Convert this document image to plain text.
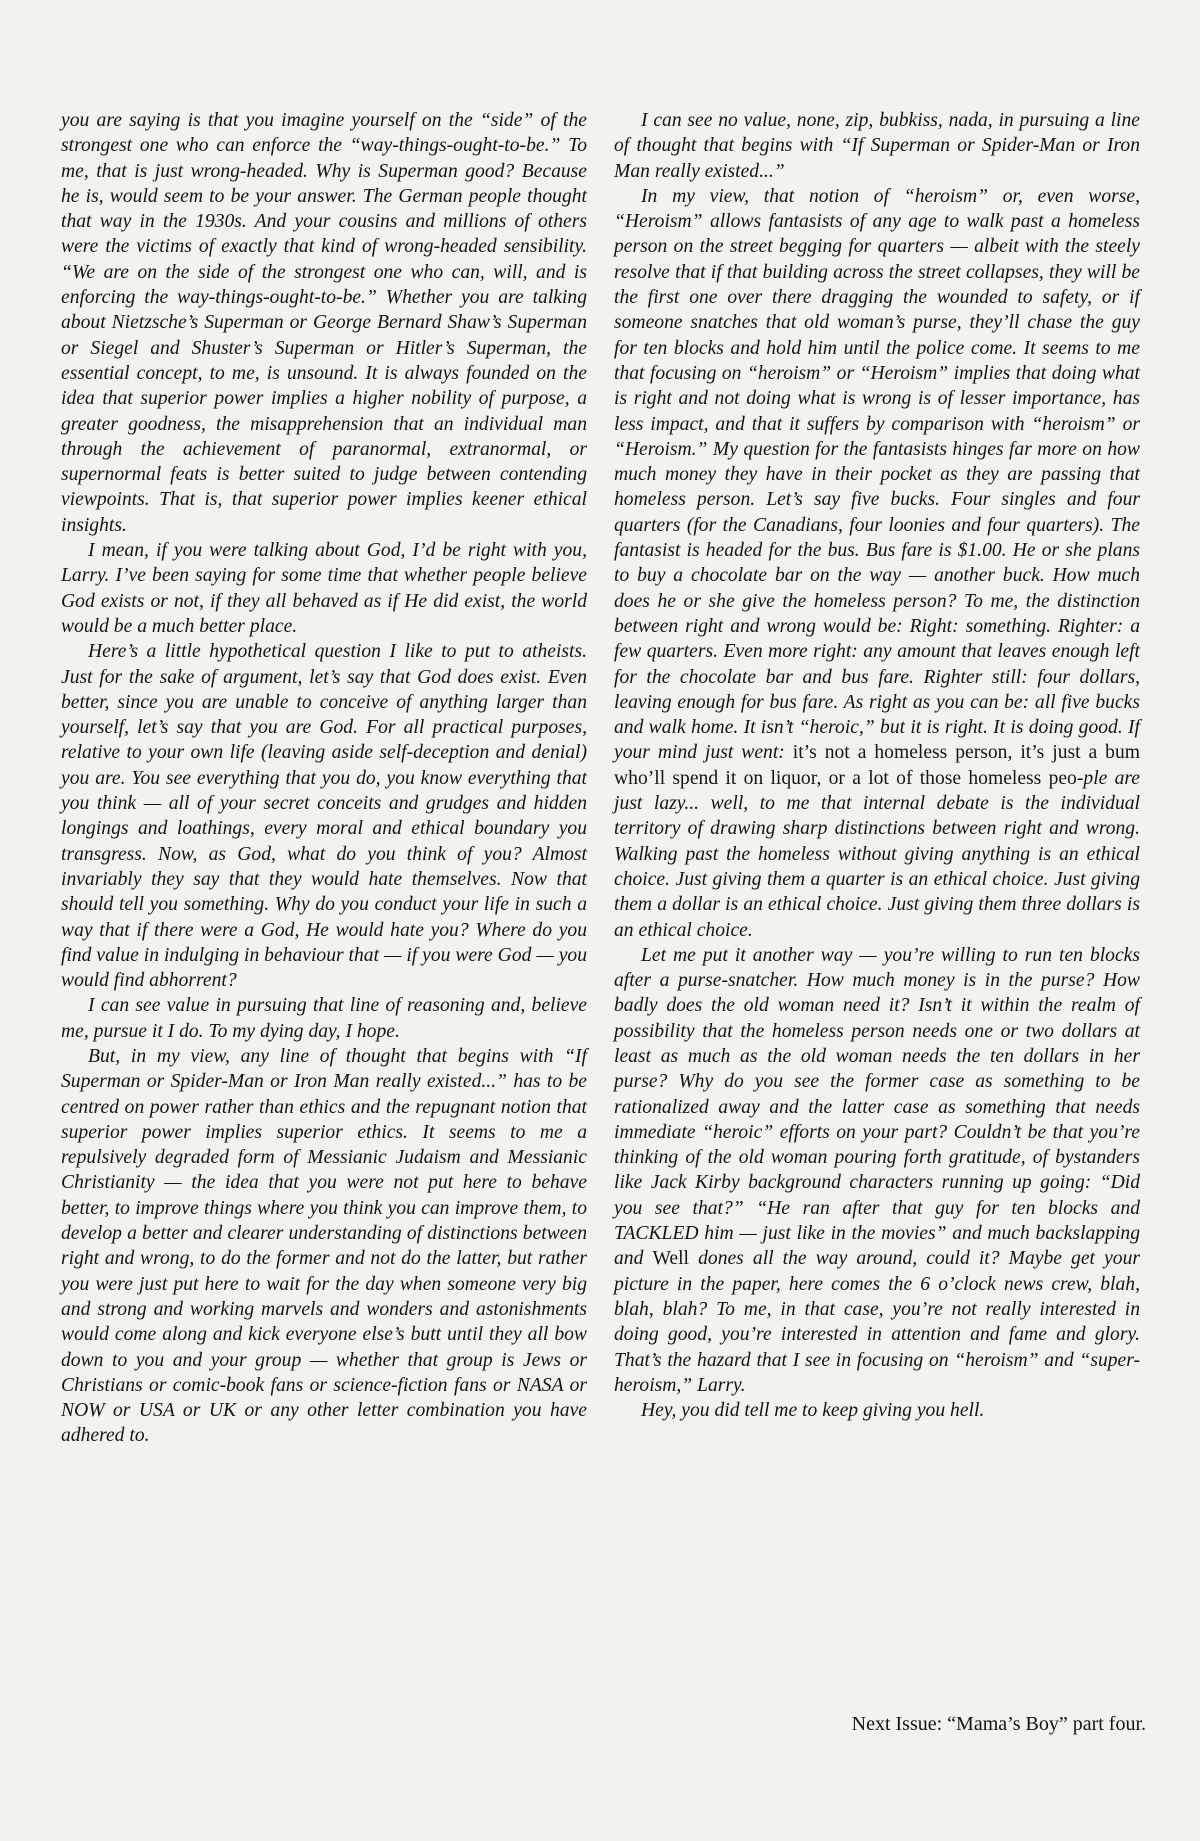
you are saying is that you imagine yourself on the “side” of the strongest one who can enforce the “way-things-ought-to-be.” To me, that is just wrong-headed. Why is Superman good? Because he is, would seem to be your answer. The German people thought that way in the 1930s. And your cousins and millions of others were the victims of exactly that kind of wrong-headed sensibility. “We are on the side of the strongest one who can, will, and is enforcing the way-things-ought-to-be.” Whether you are talking about Nietzsche’s Superman or George Bernard Shaw’s Superman or Siegel and Shuster’s Superman or Hitler’s Superman, the essential concept, to me, is unsound. It is always founded on the idea that superior power implies a higher nobility of purpose, a greater goodness, the misapprehension that an individual man through the achievement of paranormal, extranormal, or supernormal feats is better suited to judge between contending viewpoints. That is, that superior power implies keener ethical insights.

I mean, if you were talking about God, I’d be right with you, Larry. I’ve been saying for some time that whether people believe God exists or not, if they all behaved as if He did exist, the world would be a much better place.

Here’s a little hypothetical question I like to put to atheists. Just for the sake of argument, let’s say that God does exist. Even better, since you are unable to conceive of anything larger than yourself, let’s say that you are God. For all practical purposes, relative to your own life (leaving aside self-deception and denial) you are. You see everything that you do, you know everything that you think — all of your secret conceits and grudges and hidden longings and loathings, every moral and ethical boundary you transgress. Now, as God, what do you think of you? Almost invariably they say that they would hate themselves. Now that should tell you something. Why do you conduct your life in such a way that if there were a God, He would hate you? Where do you find value in indulging in behaviour that — if you were God — you would find abhorrent?

I can see value in pursuing that line of reasoning and, believe me, pursue it I do. To my dying day, I hope.

But, in my view, any line of thought that begins with “If Superman or Spider-Man or Iron Man really existed...” has to be centred on power rather than ethics and the repugnant notion that superior power implies superior ethics. It seems to me a repulsively degraded form of Messianic Judaism and Messianic Christianity — the idea that you were not put here to behave better, to improve things where you think you can improve them, to develop a better and clearer understanding of distinctions between right and wrong, to do the former and not do the latter, but rather you were just put here to wait for the day when someone very big and strong and working marvels and wonders and astonishments would come along and kick everyone else’s butt until they all bow down to you and your group — whether that group is Jews or Christians or comic-book fans or science-fiction fans or NASA or NOW or USA or UK or any other letter combination you have adhered to.

I can see no value, none, zip, bubkiss, nada, in pursuing a line of thought that begins with “If Superman or Spider-Man or Iron Man really existed...”

In my view, that notion of “heroism” or, even worse, “Heroism” allows fantasists of any age to walk past a homeless person on the street begging for quarters — albeit with the steely resolve that if that building across the street collapses, they will be the first one over there dragging the wounded to safety, or if someone snatches that old woman’s purse, they’ll chase the guy for ten blocks and hold him until the police come. It seems to me that focusing on “heroism” or “Heroism” implies that doing what is right and not doing what is wrong is of lesser importance, has less impact, and that it suffers by comparison with “heroism” or “Heroism.” My question for the fantasists hinges far more on how much money they have in their pocket as they are passing that homeless person. Let’s say five bucks. Four singles and four quarters (for the Canadians, four loonies and four quarters). The fantasist is headed for the bus. Bus fare is $1.00. He or she plans to buy a chocolate bar on the way — another buck. How much does he or she give the homeless person? To me, the distinction between right and wrong would be: Right: something. Righter: a few quarters. Even more right: any amount that leaves enough left for the chocolate bar and bus fare. Righter still: four dollars, leaving enough for bus fare. As right as you can be: all five bucks and walk home. It isn’t “heroic,” but it is right. It is doing good. If your mind just went: it’s not a homeless person, it’s just a bum who’ll spend it on liquor, or a lot of those homeless peo-ple are just lazy... well, to me that internal debate is the individual territory of drawing sharp distinctions between right and wrong. Walking past the homeless without giving anything is an ethical choice. Just giving them a quarter is an ethical choice. Just giving them a dollar is an ethical choice. Just giving them three dollars is an ethical choice.

Let me put it another way — you’re willing to run ten blocks after a purse-snatcher. How much money is in the purse? How badly does the old woman need it? Isn’t it within the realm of possibility that the homeless person needs one or two dollars at least as much as the old woman needs the ten dollars in her purse? Why do you see the former case as something to be rationalized away and the latter case as something that needs immediate “heroic” efforts on your part? Couldn’t be that you’re thinking of the old woman pouring forth gratitude, of bystanders like Jack Kirby background characters running up going: “Did you see that?” “He ran after that guy for ten blocks and TACKLED him — just like in the movies” and much backslapping and Well dones all the way around, could it? Maybe get your picture in the paper, here comes the 6 o’clock news crew, blah, blah, blah? To me, in that case, you’re not really interested in doing good, you’re interested in attention and fame and glory. That’s the hazard that I see in focusing on “heroism” and “super-heroism,” Larry.

Hey, you did tell me to keep giving you hell.

Next Issue: “Mama’s Boy” part four.
